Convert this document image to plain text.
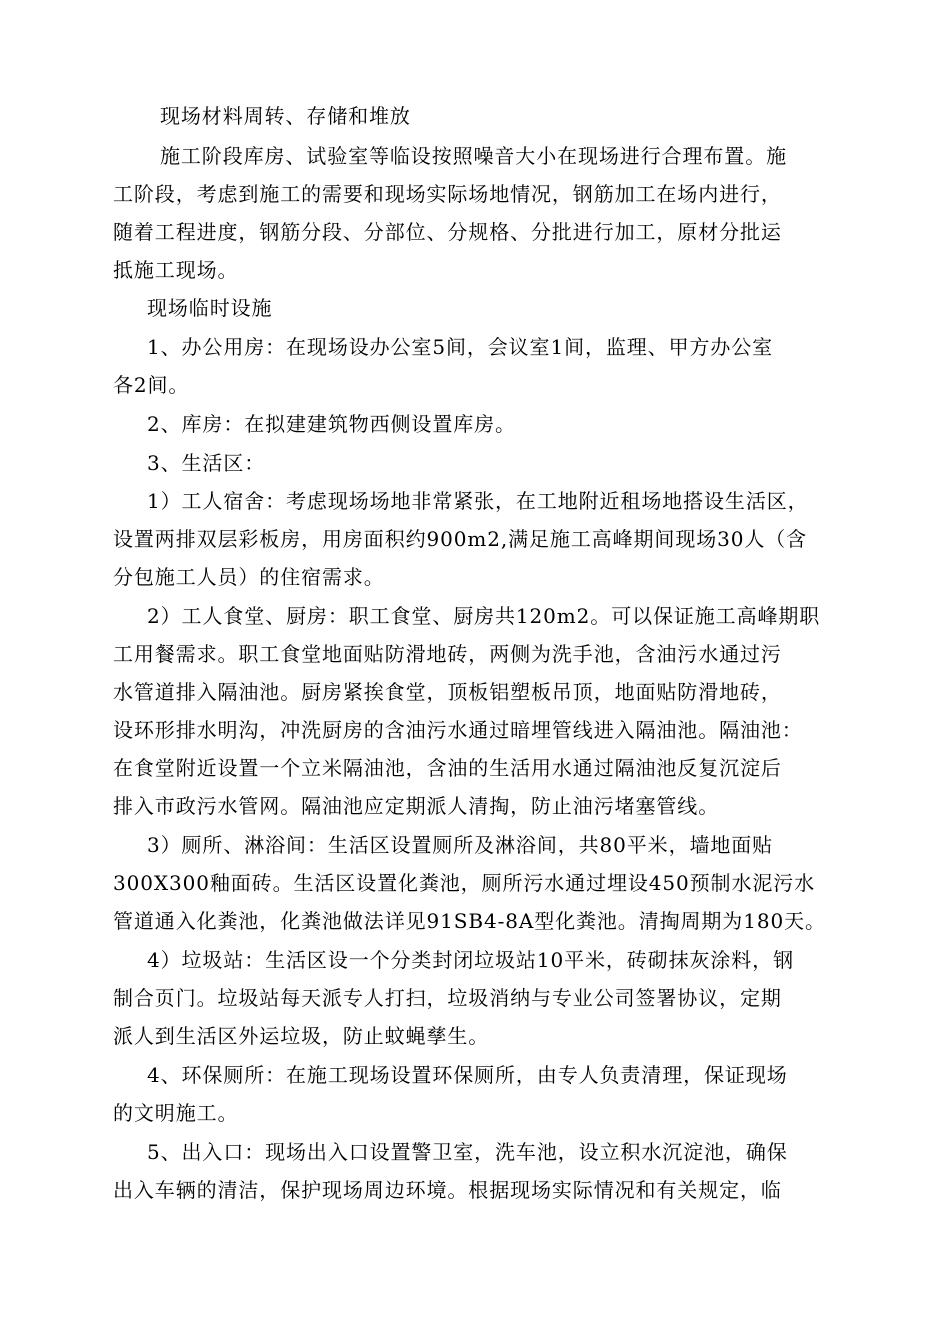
现场材料周转、存储和堆放
施工阶段库房、试验室等临设按照噪音大小在现场进行合理布置。施
工阶段，考虑到施工的需要和现场实际场地情况，钢筋加工在场内进行，
随着工程进度，钢筋分段、分部位、分规格、分批进行加工，原材分批运
抵施工现场。
现场临时设施
1、办公用房：在现场设办公室5间，会议室1间，监理、甲方办公室
各2间。
2、库房：在拟建建筑物西侧设置库房。
3、生活区：
1）工人宿舍：考虑现场场地非常紧张，在工地附近租场地搭设生活区，
设置两排双层彩板房，用房面积约900m2,满足施工高峰期间现场30人（含
分包施工人员）的住宿需求。
2）工人食堂、厨房：职工食堂、厨房共120m2。可以保证施工高峰期职
工用餐需求。职工食堂地面贴防滑地砖，两侧为洗手池，含油污水通过污
水管道排入隔油池。厨房紧挨食堂，顶板铝塑板吊顶，地面贴防滑地砖，
设环形排水明沟，冲洗厨房的含油污水通过暗埋管线进入隔油池。隔油池：
在食堂附近设置一个立米隔油池，含油的生活用水通过隔油池反复沉淀后
排入市政污水管网。隔油池应定期派人清掏，防止油污堵塞管线。
3）厕所、淋浴间：生活区设置厕所及淋浴间，共80平米，墙地面贴
300X300釉面砖。生活区设置化粪池，厕所污水通过埋设450预制水泥污水
管道通入化粪池，化粪池做法详见91SB4-8A型化粪池。清掏周期为180天。
4）垃圾站：生活区设一个分类封闭垃圾站10平米，砖砌抹灰涂料，钢
制合页门。垃圾站每天派专人打扫，垃圾消纳与专业公司签署协议，定期
派人到生活区外运垃圾，防止蚊蝇孳生。
4、环保厕所：在施工现场设置环保厕所，由专人负责清理，保证现场
的文明施工。
5、出入口：现场出入口设置警卫室，洗车池，设立积水沉淀池，确保
出入车辆的清洁，保护现场周边环境。根据现场实际情况和有关规定，临
